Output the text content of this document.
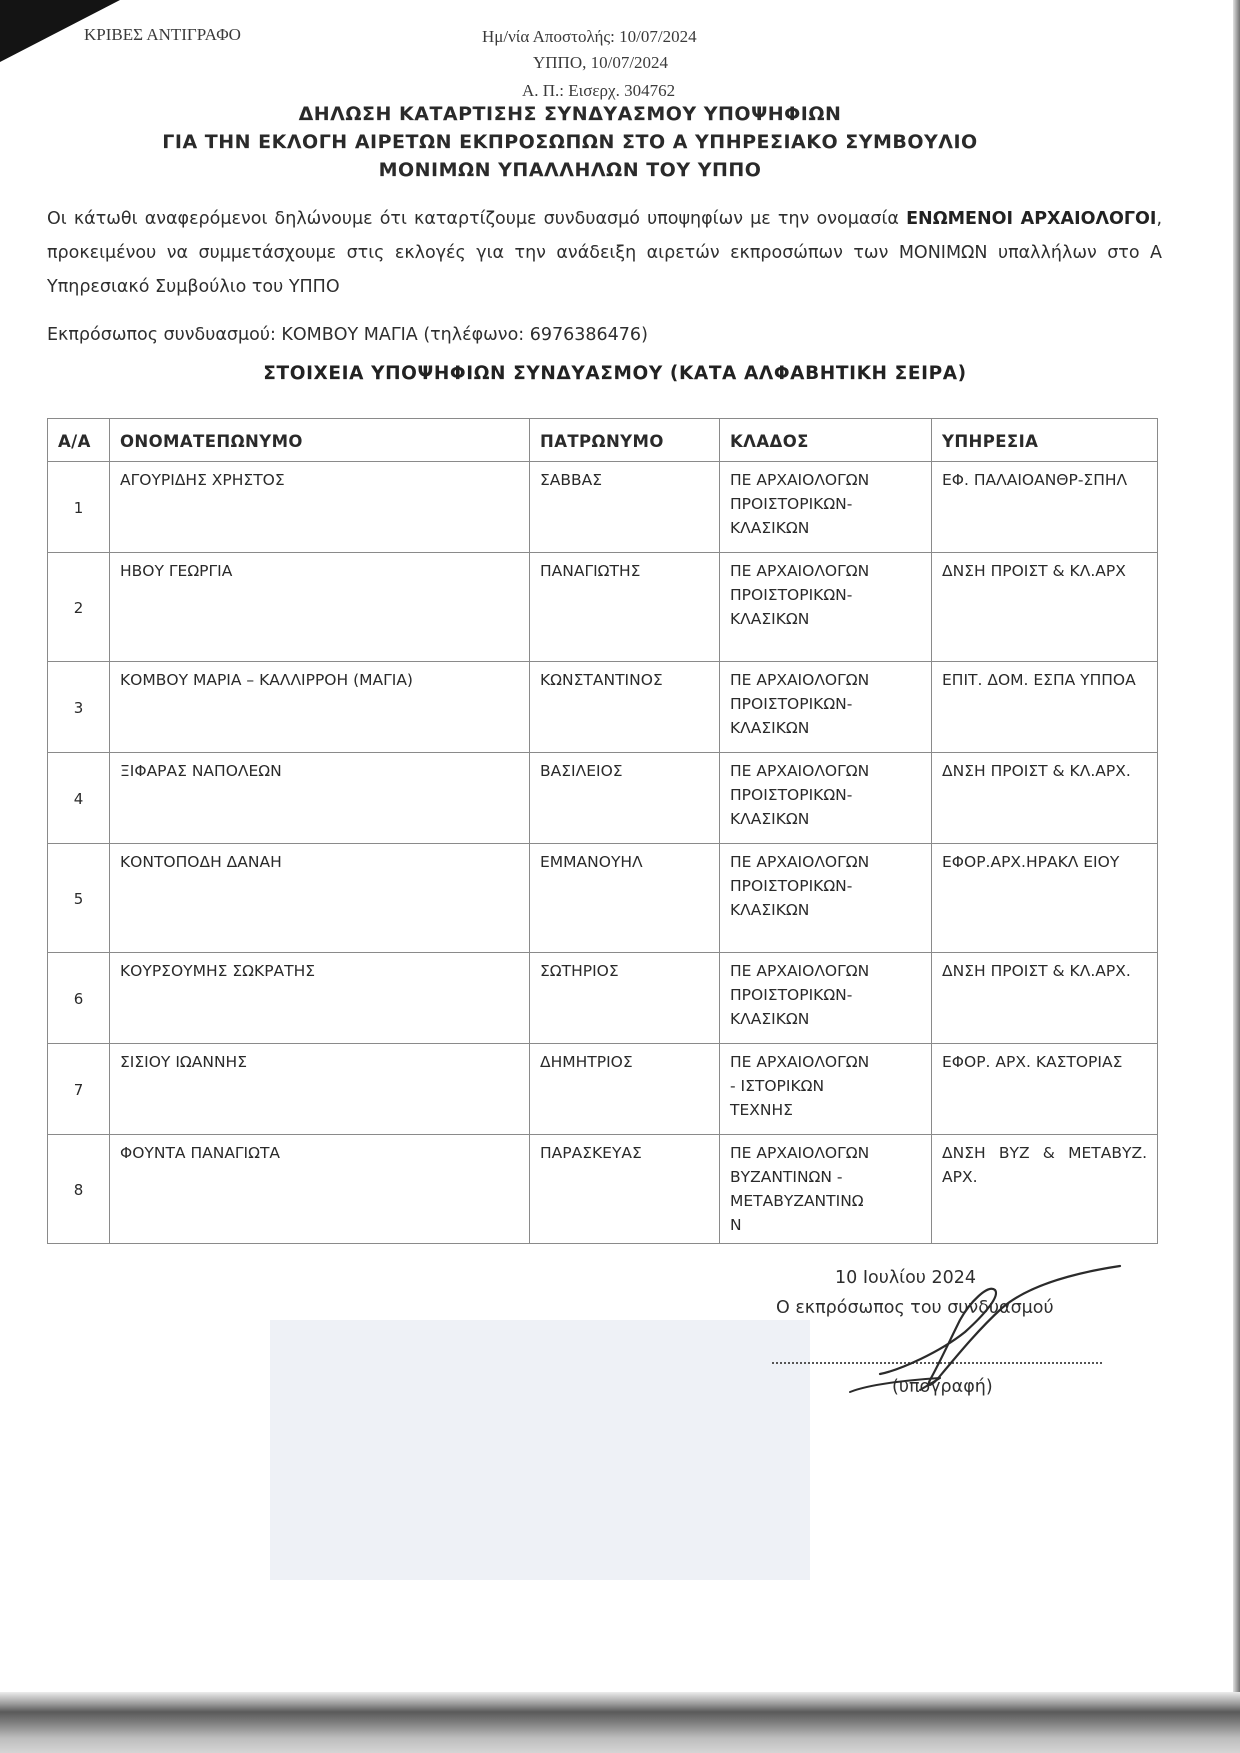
ΚΡΙΒΕΣ ΑΝΤΙΓΡΑΦΟ	Ημ/νία Αποστολής: 10/07/2024
ΥΠΠΟ, 10/07/2024
Α. Π.: Εισερχ. 304762
ΔΗΛΩΣΗ ΚΑΤΑΡΤΙΣΗΣ ΣΥΝΔΥΑΣΜΟΥ ΥΠΟΨΗΦΙΩΝ
ΓΙΑ ΤΗΝ ΕΚΛΟΓΗ ΑΙΡΕΤΩΝ ΕΚΠΡΟΣΩΠΩΝ ΣΤΟ Α ΥΠΗΡΕΣΙΑΚΟ ΣΥΜΒΟΥΛΙΟ
ΜΟΝΙΜΩΝ ΥΠΑΛΛΗΛΩΝ ΤΟΥ ΥΠΠΟ
Οι κάτωθι αναφερόμενοι δηλώνουμε ότι καταρτίζουμε συνδυασμό υποψηφίων με την ονομασία ΕΝΩΜΕΝΟΙ ΑΡΧΑΙΟΛΟΓΟΙ, προκειμένου να συμμετάσχουμε στις εκλογές για την ανάδειξη αιρετών εκπροσώπων των ΜΟΝΙΜΩΝ υπαλλήλων στο Α Υπηρεσιακό Συμβούλιο του ΥΠΠΟ
Εκπρόσωπος συνδυασμού: ΚΟΜΒΟΥ ΜΑΓΙΑ (τηλέφωνο: 6976386476)
ΣΤΟΙΧΕΙΑ ΥΠΟΨΗΦΙΩΝ ΣΥΝΔΥΑΣΜΟΥ (ΚΑΤΑ ΑΛΦΑΒΗΤΙΚΗ ΣΕΙΡΑ)
Α/Α	ΟΝΟΜΑΤΕΠΩΝΥΜΟ	ΠΑΤΡΩΝΥΜΟ	ΚΛΑΔΟΣ	ΥΠΗΡΕΣΙΑ
1	ΑΓΟΥΡΙΔΗΣ ΧΡΗΣΤΟΣ	ΣΑΒΒΑΣ	ΠΕ ΑΡΧΑΙΟΛΟΓΩΝ
ΠΡΟΙΣΤΟΡΙΚΩΝ-
ΚΛΑΣΙΚΩΝ	ΕΦ. ΠΑΛΑΙΟΑΝΘΡ-ΣΠΗΛ
2	ΗΒΟΥ ΓΕΩΡΓΙΑ	ΠΑΝΑΓΙΩΤΗΣ	ΠΕ ΑΡΧΑΙΟΛΟΓΩΝ
ΠΡΟΙΣΤΟΡΙΚΩΝ-
ΚΛΑΣΙΚΩΝ	ΔΝΣΗ ΠΡΟΙΣΤ & ΚΛ.ΑΡΧ
3	ΚΟΜΒΟΥ ΜΑΡΙΑ – ΚΑΛΛΙΡΡΟΗ (ΜΑΓΙΑ)	ΚΩΝΣΤΑΝΤΙΝΟΣ	ΠΕ ΑΡΧΑΙΟΛΟΓΩΝ
ΠΡΟΙΣΤΟΡΙΚΩΝ-
ΚΛΑΣΙΚΩΝ	ΕΠΙΤ. ΔΟΜ. ΕΣΠΑ ΥΠΠΟΑ
4	ΞΙΦΑΡΑΣ ΝΑΠΟΛΕΩΝ	ΒΑΣΙΛΕΙΟΣ	ΠΕ ΑΡΧΑΙΟΛΟΓΩΝ
ΠΡΟΙΣΤΟΡΙΚΩΝ-
ΚΛΑΣΙΚΩΝ	ΔΝΣΗ ΠΡΟΙΣΤ & ΚΛ.ΑΡΧ.
5	ΚΟΝΤΟΠΟΔΗ ΔΑΝΑΗ	ΕΜΜΑΝΟΥΗΛ	ΠΕ ΑΡΧΑΙΟΛΟΓΩΝ
ΠΡΟΙΣΤΟΡΙΚΩΝ-
ΚΛΑΣΙΚΩΝ	ΕΦΟΡ.ΑΡΧ.ΗΡΑΚΛ ΕΙΟΥ
6	ΚΟΥΡΣΟΥΜΗΣ ΣΩΚΡΑΤΗΣ	ΣΩΤΗΡΙΟΣ	ΠΕ ΑΡΧΑΙΟΛΟΓΩΝ
ΠΡΟΙΣΤΟΡΙΚΩΝ-
ΚΛΑΣΙΚΩΝ	ΔΝΣΗ ΠΡΟΙΣΤ & ΚΛ.ΑΡΧ.
7	ΣΙΣΙΟΥ ΙΩΑΝΝΗΣ	ΔΗΜΗΤΡΙΟΣ	ΠΕ ΑΡΧΑΙΟΛΟΓΩΝ
- ΙΣΤΟΡΙΚΩΝ
ΤΕΧΝΗΣ	ΕΦΟΡ. ΑΡΧ. ΚΑΣΤΟΡΙΑΣ
8	ΦΟΥΝΤΑ ΠΑΝΑΓΙΩΤΑ	ΠΑΡΑΣΚΕΥΑΣ	ΠΕ ΑΡΧΑΙΟΛΟΓΩΝ
ΒΥΖΑΝΤΙΝΩΝ -
ΜΕΤΑΒΥΖΑΝΤΙΝΩ
Ν	ΔΝΣΗ ΒΥΖ & ΜΕΤΑΒΥΖ. ΑΡΧ.
10 Ιουλίου 2024
Ο εκπρόσωπος του συνδυασμού
(υπογραφή)
